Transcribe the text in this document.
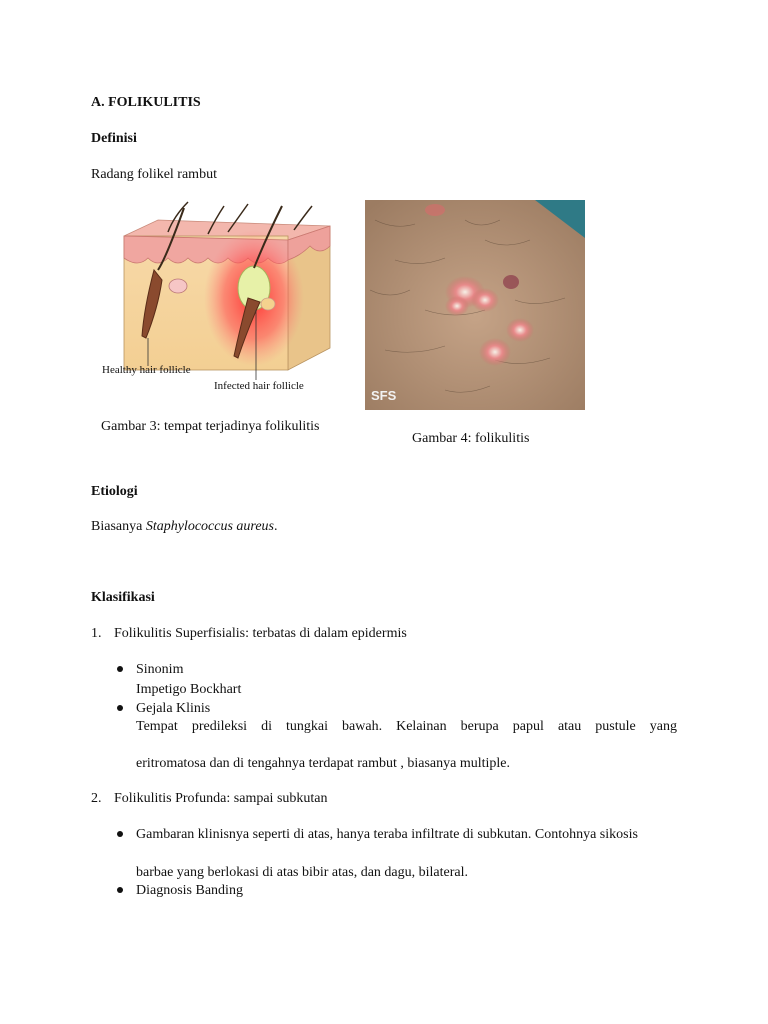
A. FOLIKULITIS
Definisi
Radang folikel rambut
Healthy hair follicle
Infected hair follicle
SFS
Gambar 3: tempat terjadinya folikulitis
Gambar 4: folikulitis
Etiologi
Biasanya Staphylococcus aureus.
Klasifikasi
1. Folikulitis Superfisialis: terbatas di dalam epidermis
Sinonim
Impetigo Bockhart
Gejala Klinis
Tempat predileksi di tungkai bawah. Kelainan berupa papul atau pustule yang
eritromatosa dan di tengahnya terdapat rambut , biasanya multiple.
2. Folikulitis Profunda: sampai subkutan
Gambaran klinisnya seperti di atas, hanya teraba infiltrate di subkutan. Contohnya sikosis
barbae yang berlokasi di atas bibir atas, dan dagu, bilateral.
Diagnosis Banding
